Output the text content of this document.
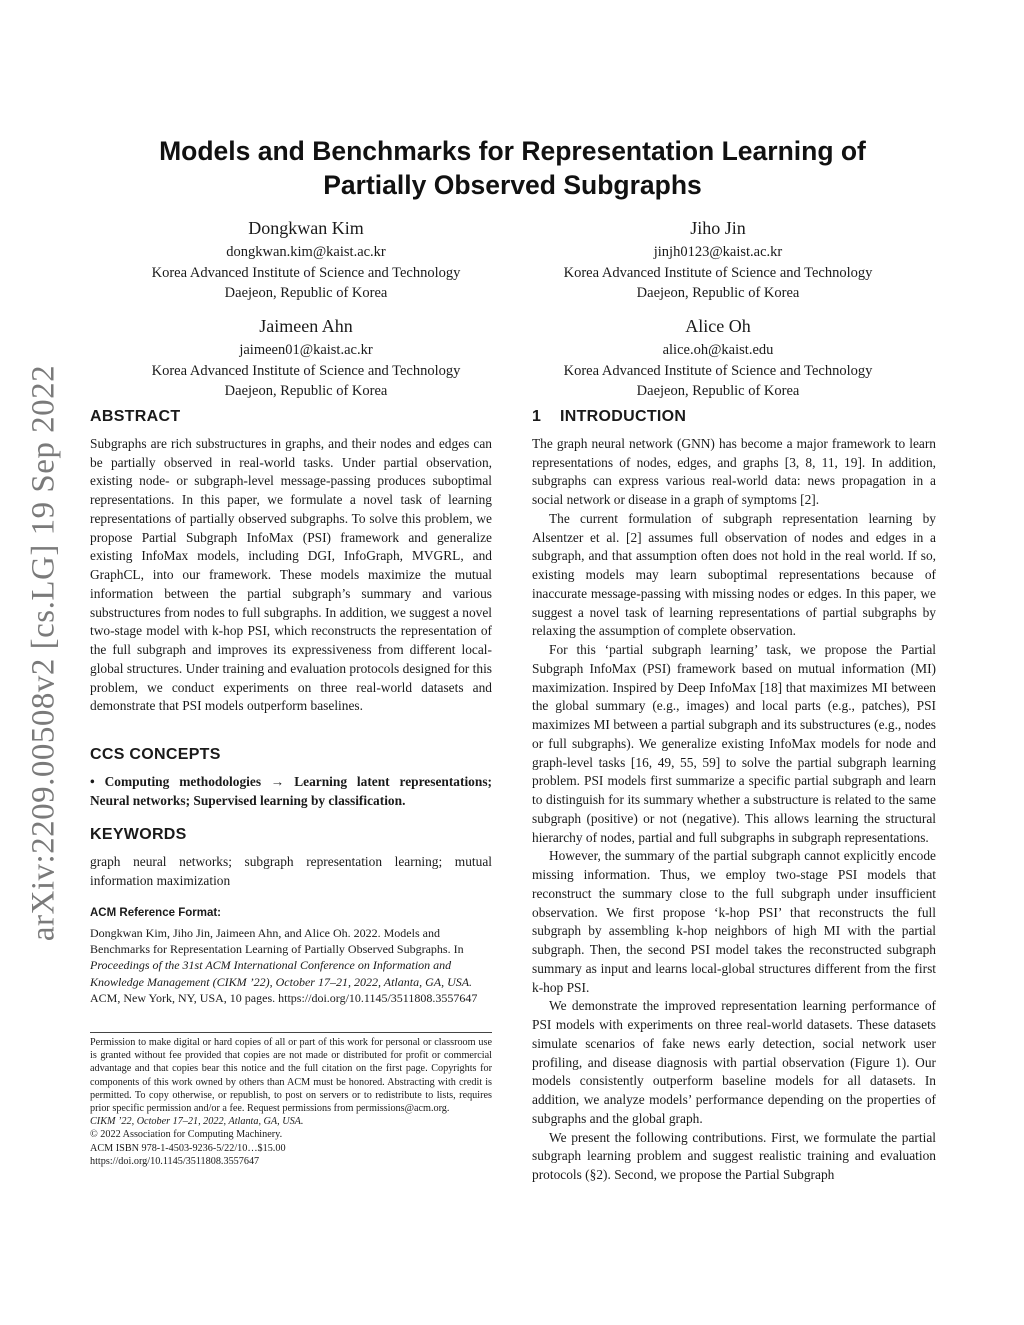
arXiv:2209.00508v2 [cs.LG] 19 Sep 2022
Models and Benchmarks for Representation Learning of
Partially Observed Subgraphs
Dongkwan Kim
dongkwan.kim@kaist.ac.kr
Korea Advanced Institute of Science and Technology
Daejeon, Republic of Korea
Jiho Jin
jinjh0123@kaist.ac.kr
Korea Advanced Institute of Science and Technology
Daejeon, Republic of Korea
Jaimeen Ahn
jaimeen01@kaist.ac.kr
Korea Advanced Institute of Science and Technology
Daejeon, Republic of Korea
Alice Oh
alice.oh@kaist.edu
Korea Advanced Institute of Science and Technology
Daejeon, Republic of Korea
ABSTRACT

Subgraphs are rich substructures in graphs, and their nodes and edges can be partially observed in real-world tasks. Under partial observation, existing node- or subgraph-level message-passing produces suboptimal representations. In this paper, we formulate a novel task of learning representations of partially observed subgraphs. To solve this problem, we propose Partial Subgraph InfoMax (PSI) framework and generalize existing InfoMax models, including DGI, InfoGraph, MVGRL, and GraphCL, into our framework. These models maximize the mutual information between the partial subgraph’s summary and various substructures from nodes to full subgraphs. In addition, we suggest a novel two-stage model with k-hop PSI, which reconstructs the representation of the full subgraph and improves its expressiveness from different local-global structures. Under training and evaluation protocols designed for this problem, we conduct experiments on three real-world datasets and demonstrate that PSI models outperform baselines.

CCS CONCEPTS

• Computing methodologies → Learning latent representations; Neural networks; Supervised learning by classification.

KEYWORDS

graph neural networks; subgraph representation learning; mutual information maximization

ACM Reference Format:

Dongkwan Kim, Jiho Jin, Jaimeen Ahn, and Alice Oh. 2022. Models and Benchmarks for Representation Learning of Partially Observed Subgraphs. In Proceedings of the 31st ACM International Conference on Information and Knowledge Management (CIKM ’22), October 17–21, 2022, Atlanta, GA, USA. ACM, New York, NY, USA, 10 pages. https://doi.org/10.1145/3511808.3557647

Permission to make digital or hard copies of all or part of this work for personal or classroom use is granted without fee provided that copies are not made or distributed for profit or commercial advantage and that copies bear this notice and the full citation on the first page. Copyrights for components of this work owned by others than ACM must be honored. Abstracting with credit is permitted. To copy otherwise, or republish, to post on servers or to redistribute to lists, requires prior specific permission and/or a fee. Request permissions from permissions@acm.org.

CIKM ’22, October 17–21, 2022, Atlanta, GA, USA.

© 2022 Association for Computing Machinery.

ACM ISBN 978-1-4503-9236-5/22/10…$15.00

https://doi.org/10.1145/3511808.3557647

1 INTRODUCTION

The graph neural network (GNN) has become a major framework to learn representations of nodes, edges, and graphs [3, 8, 11, 19]. In addition, subgraphs can express various real-world data: news propagation in a social network or disease in a graph of symptoms [2].

The current formulation of subgraph representation learning by Alsentzer et al. [2] assumes full observation of nodes and edges in a subgraph, and that assumption often does not hold in the real world. If so, existing models may learn suboptimal representations because of inaccurate message-passing with missing nodes or edges. In this paper, we suggest a novel task of learning representations of partial subgraphs by relaxing the assumption of complete observation.

For this ‘partial subgraph learning’ task, we propose the Partial Subgraph InfoMax (PSI) framework based on mutual information (MI) maximization. Inspired by Deep InfoMax [18] that maximizes MI between the global summary (e.g., images) and local parts (e.g., patches), PSI maximizes MI between a partial subgraph and its substructures (e.g., nodes or full subgraphs). We generalize existing InfoMax models for node and graph-level tasks [16, 49, 55, 59] to solve the partial subgraph learning problem. PSI models first summarize a specific partial subgraph and learn to distinguish for its summary whether a substructure is related to the same subgraph (positive) or not (negative). This allows learning the structural hierarchy of nodes, partial and full subgraphs in subgraph representations.

However, the summary of the partial subgraph cannot explicitly encode missing information. Thus, we employ two-stage PSI models that reconstruct the summary close to the full subgraph under insufficient observation. We first propose ‘k-hop PSI’ that reconstructs the full subgraph by assembling k-hop neighbors of high MI with the partial subgraph. Then, the second PSI model takes the reconstructed subgraph summary as input and learns local-global structures different from the first k-hop PSI.

We demonstrate the improved representation learning performance of PSI models with experiments on three real-world datasets. These datasets simulate scenarios of fake news early detection, social network user profiling, and disease diagnosis with partial observation (Figure 1). Our models consistently outperform baseline models for all datasets. In addition, we analyze models’ performance depending on the properties of subgraphs and the global graph.

We present the following contributions. First, we formulate the partial subgraph learning problem and suggest realistic training and evaluation protocols (§2). Second, we propose the Partial Subgraph
